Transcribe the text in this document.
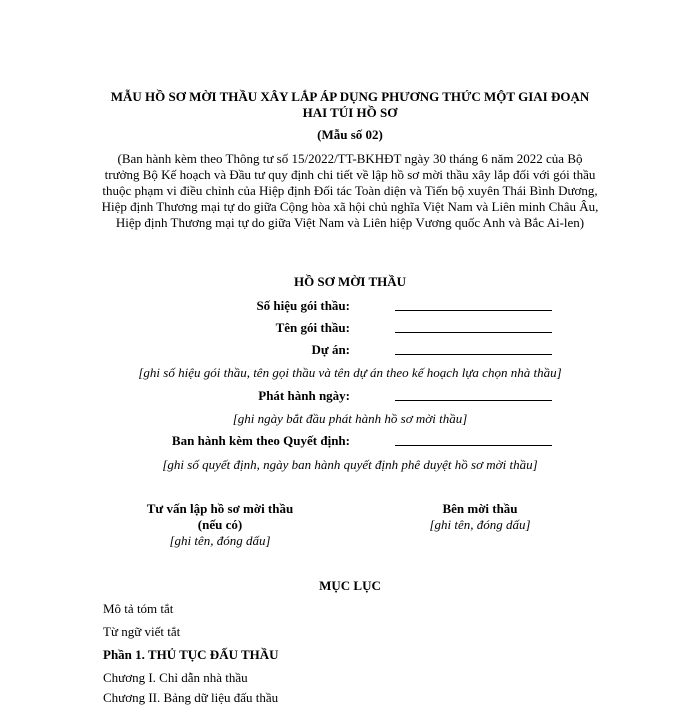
MẪU HỒ SƠ MỜI THẦU XÂY LẮP ÁP DỤNG PHƯƠNG THỨC MỘT GIAI ĐOẠN HAI TÚI HỒ SƠ
(Mẫu số 02)
(Ban hành kèm theo Thông tư số 15/2022/TT-BKHĐT ngày 30 tháng 6 năm 2022 của Bộ trưởng Bộ Kế hoạch và Đầu tư quy định chi tiết về lập hồ sơ mời thầu xây lắp đối với gói thầu thuộc phạm vi điều chỉnh của Hiệp định Đối tác Toàn diện và Tiến bộ xuyên Thái Bình Dương, Hiệp định Thương mại tự do giữa Cộng hòa xã hội chủ nghĩa Việt Nam và Liên minh Châu Âu, Hiệp định Thương mại tự do giữa Việt Nam và Liên hiệp Vương quốc Anh và Bắc Ai-len)
HỒ SƠ MỜI THẦU
Số hiệu gói thầu:
Tên gói thầu:
Dự án:
[ghi số hiệu gói thầu, tên gọi thầu và tên dự án theo kế hoạch lựa chọn nhà thầu]
Phát hành ngày:
[ghi ngày bắt đầu phát hành hồ sơ mời thầu]
Ban hành kèm theo Quyết định:
[ghi số quyết định, ngày ban hành quyết định phê duyệt hồ sơ mời thầu]
Tư vấn lập hồ sơ mời thầu
(nếu có)
[ghi tên, đóng dấu]
Bên mời thầu
[ghi tên, đóng dấu]
MỤC LỤC
Mô tả tóm tắt
Từ ngữ viết tắt
Phần 1. THỦ TỤC ĐẤU THẦU
Chương I. Chỉ dẫn nhà thầu
Chương II. Bảng dữ liệu đấu thầu
